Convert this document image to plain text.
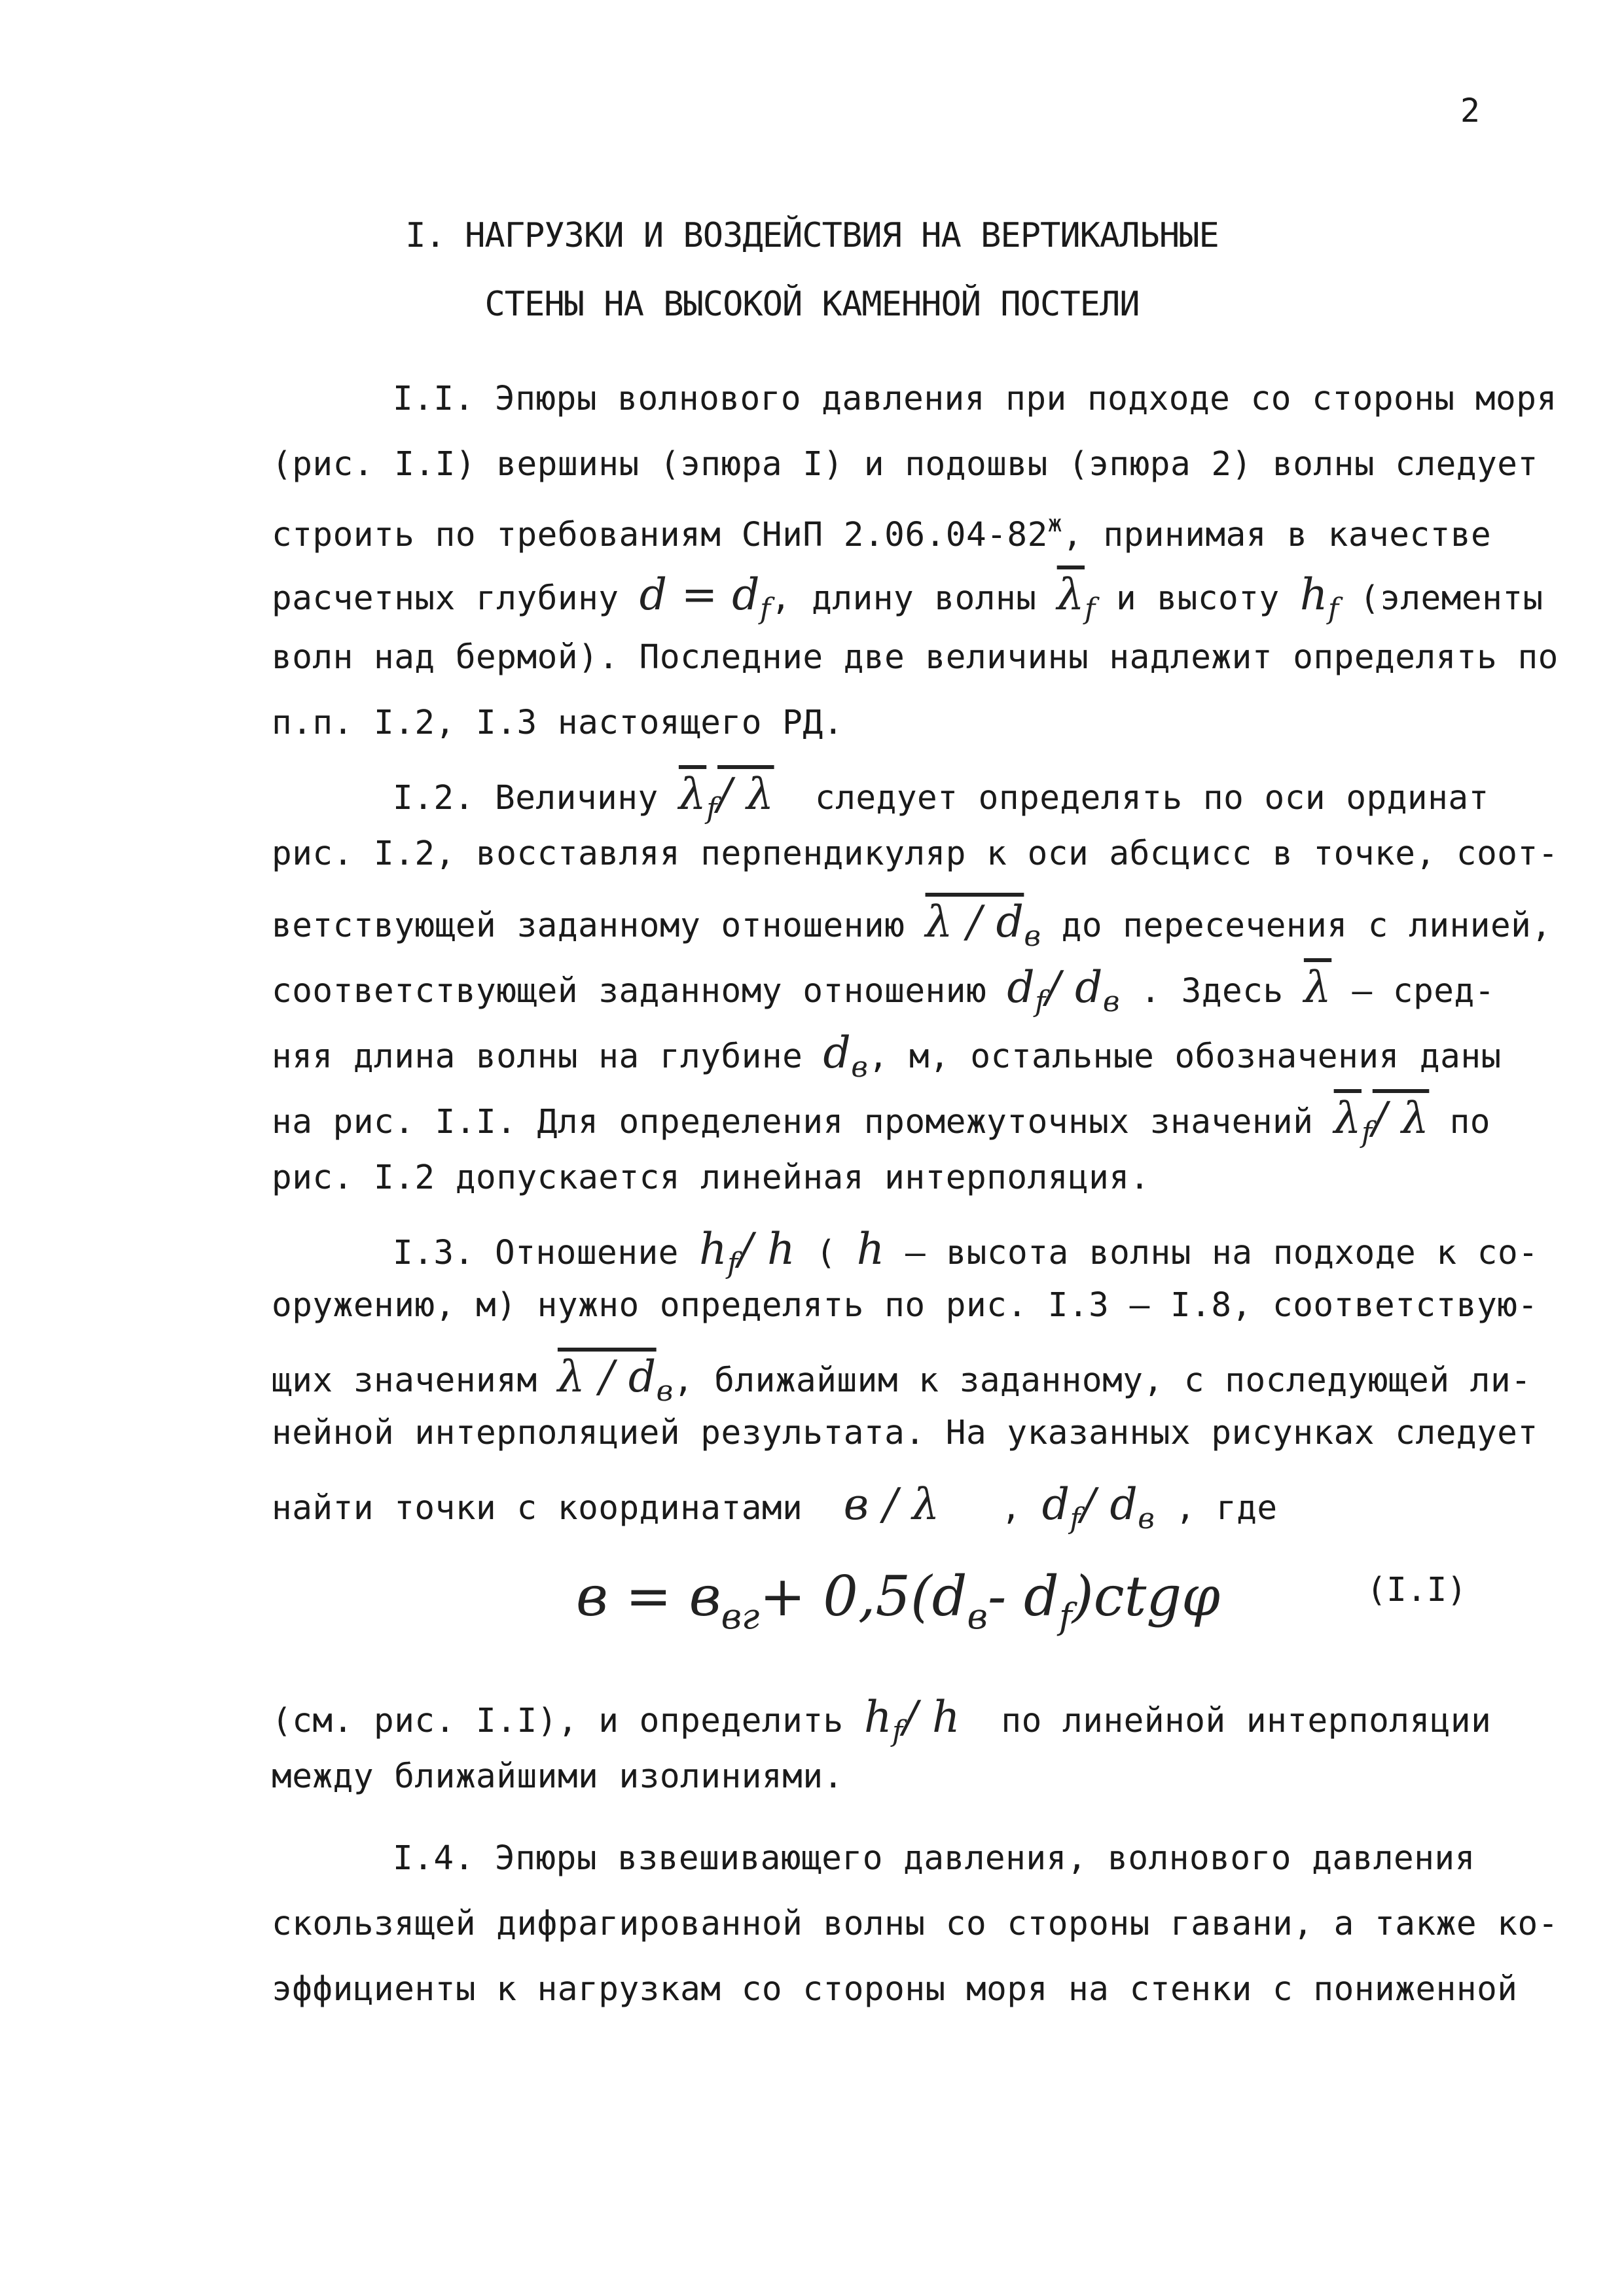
2
I. НАГРУЗКИ И ВОЗДЕЙСТВИЯ НА ВЕРТИКАЛЬНЫЕ
СТЕНЫ НА ВЫСОКОЙ КАМЕННОЙ ПОСТЕЛИ
I.I. Эпюры волнового давления при подходе со стороны моря
(рис. I.I) вершины (эпюра I) и подошвы (эпюра 2) волны следует
строить по требованиям СНиП $2.06.04-82^ж$, принимая в качестве
расчетных глубину $d = d_f$, длину волны $\overline{\lambda}_f$ и высоту $h_f$ (элементы
волн над бермой). Последние две величины надлежит определять по
п.п. I.2, I.3 настоящего РД.
I.2. Величину $\overline{\lambda}_f/$ λ следует определять по оси ординат
рис. I.2, восставляя перпендикуляр к оси абсцисс в точке, соот-
ветствующей заданному отношению λ / $d_в$ до пересечения с линией,
соответствующей заданному отношению $d_f/$ $d_в$ . Здесь $\overline{\lambda}$ – сред-
няя длина волны на глубине $d_в$, м, остальные обозначения даны
на рис. I.I. Для определения промежуточных значений $\overline{\lambda}_f/$ λ по
рис. I.2 допускается линейная интерполяция.
I.3. Отношение $h_f/$ h ( h – высота волны на подходе к со-
оружению, м) нужно определять по рис. I.3 – I.8, соответствую-
щих значениям λ / $d_в$, ближайшим к заданному, с последующей ли-
нейной интерполяцией результата. На указанных рисунках следует
найти точки с координатами в / λ , $d_f/$ $d_в$ , где
$в = в_{вг}+ 0,5(d_в-$ $d_f)ctg\varphi$	(I.I)
(см. рис. I.I), и определить $h_f/$ h по линейной интерполяции
между ближайшими изолиниями.
I.4. Эпюры взвешивающего давления, волнового давления
скользящей дифрагированной волны со стороны гавани, а также ко-
эффициенты к нагрузкам со стороны моря на стенки с пониженной
